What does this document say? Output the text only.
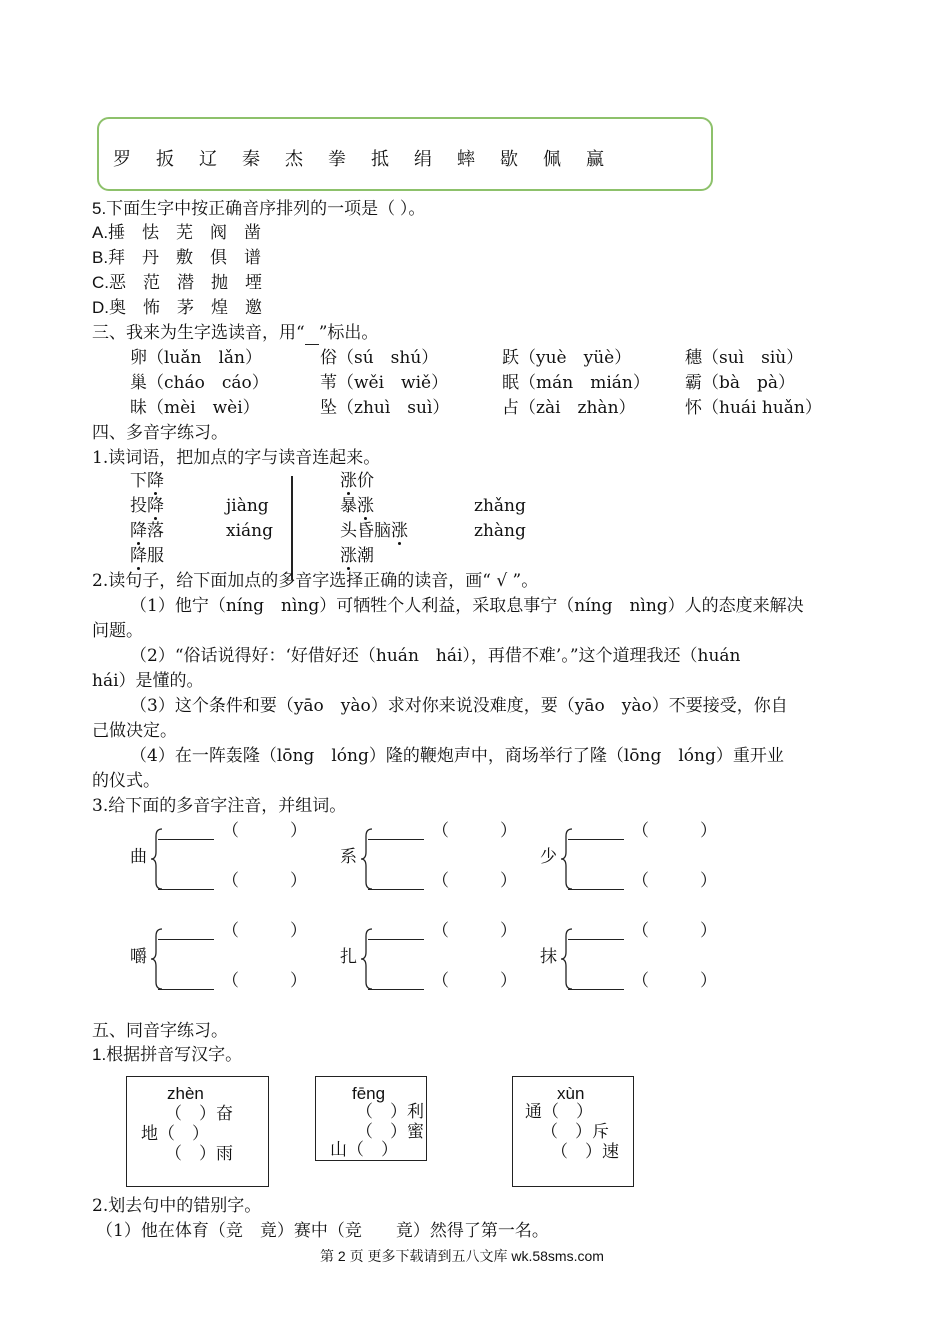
罗 扳 辽 秦 杰 拳 抵 绢 蟀 歇 佩 赢
5.下面生字中按正确音序排列的一项是（ ）。
A.捶　怯　芜　阀　凿
B.拜　丹　敷　俱　谱
C.恶　范　潜　抛　堙
D.奥　怖　茅　煌　邀
三、我来为生字选读音，用“ ”标出。
卵（luǎn　lǎn）	俗（sú　shú）	跃（yuè　yüè）	穗（suì　siù）
巢（cháo　cáo）	苇（wěi　wiě）	眠（mán　mián） 霸（bà　pà）
昧（mèi　wèi）	坠（zhuì　suì）	占（zài　zhàn）	怀（huái huǎn）
四、多音字练习。
1.读词语，把加点的字与读音连起来。
下降
投降
降落
降服
涨价
暴涨
头昏脑涨
涨潮
jiàng
xiáng
zhǎng
zhàng
2.读句子，给下面加点的多音字选择正确的读音，画“ √ ”。
（1）他宁（níng　nìng）可牺牲个人利益，采取息事宁（níng　nìng）人的态度来解决
问题。
（2）“俗话说得好：‘好借好还（huán　hái），再借不难’。”这个道理我还（huán
hái）是懂的。
（3）这个条件和要（yāo　yào）求对你来说没难度，要（yāo　yào）不要接受，你自
己做决定。
（4）在一阵轰隆（lōng　lóng）隆的鞭炮声中，商场举行了隆（lōng　lóng）重开业
的仪式。
3.给下面的多音字注音，并组词。
曲
（　　　）
（　　　）
系
（　　　）
（　　　）
少
（　　　）
（　　　）
嚼
（　　　）
（　　　）
扎
（　　　）
（　　　）
抹
（　　　）
（　　　）
五、同音字练习。
1.根据拼音写汉字。
zhèn
（　）奋
地（　）
（　）雨
fēng
（　）利
（　）蜜
山（　）
xùn
通（　）
（　）斥
（　）速
2.划去句中的错别字。
（1）他在体育（竞　竟）赛中（竞　　竟）然得了第一名。
第 2 页 更多下载请到五八文库 wk.58sms.com
